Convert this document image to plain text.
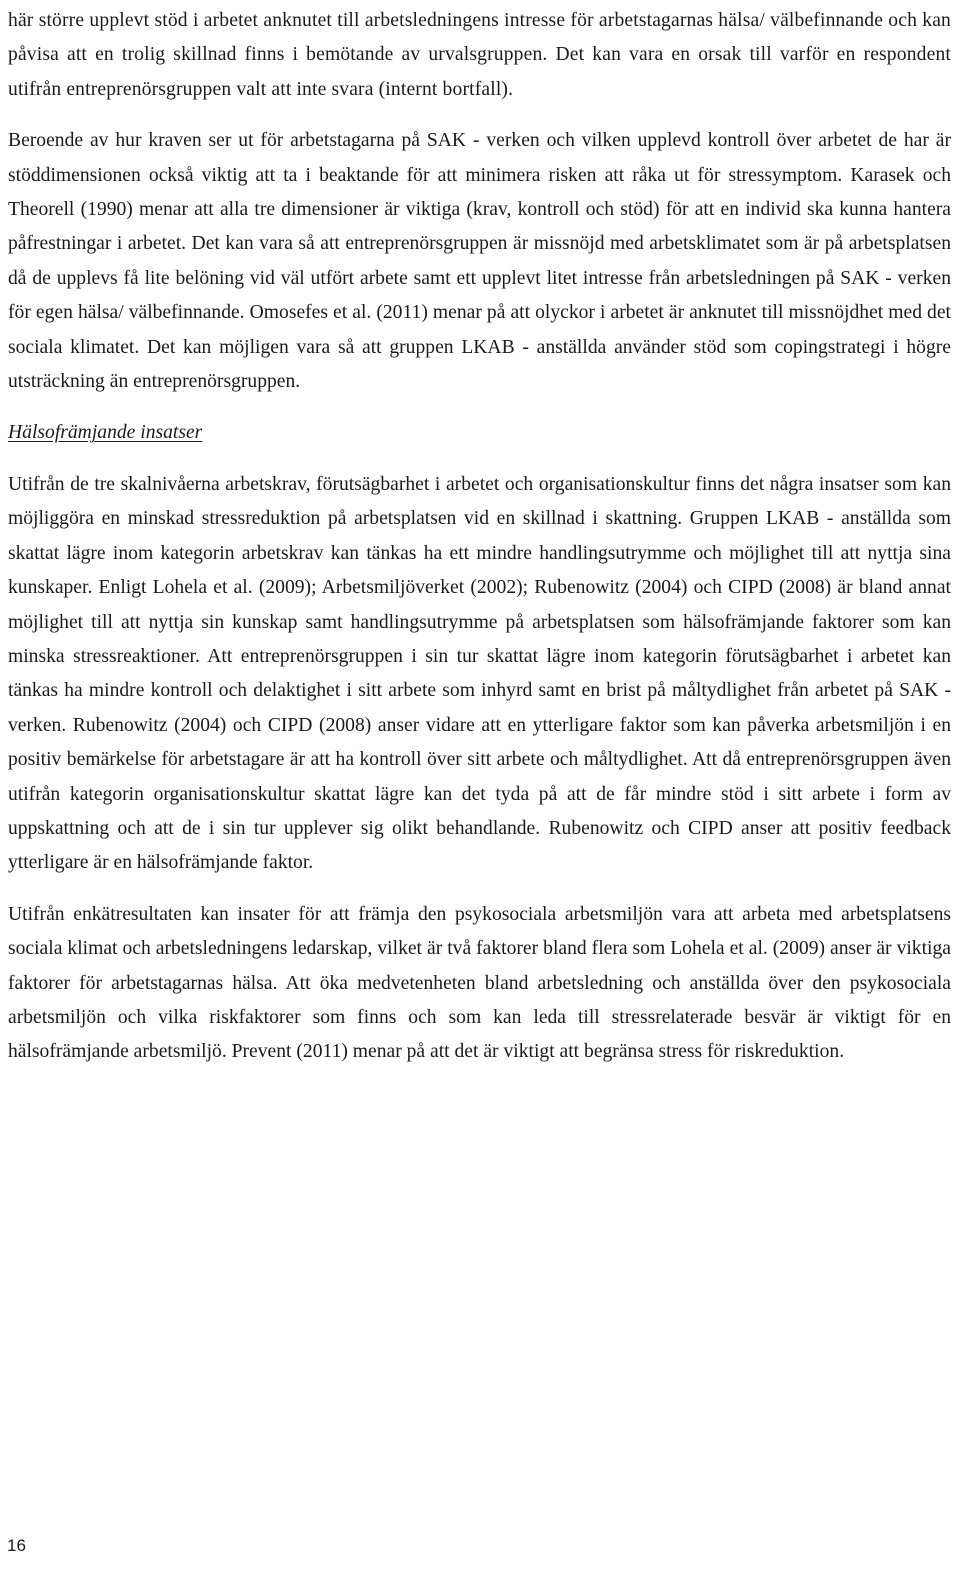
här större upplevt stöd i arbetet anknutet till arbetsledningens intresse för arbetstagarnas hälsa/ välbefinnande och kan påvisa att en trolig skillnad finns i bemötande av urvalsgruppen. Det kan vara en orsak till varför en respondent utifrån entreprenörsgruppen valt att inte svara (internt bortfall).

Beroende av hur kraven ser ut för arbetstagarna på SAK - verken och vilken upplevd kontroll över arbetet de har är stöddimensionen också viktig att ta i beaktande för att minimera risken att råka ut för stressymptom. Karasek och Theorell (1990) menar att alla tre dimensioner är viktiga (krav, kontroll och stöd) för att en individ ska kunna hantera påfrestningar i arbetet. Det kan vara så att entreprenörsgruppen är missnöjd med arbetsklimatet som är på arbetsplatsen då de upplevs få lite belöning vid väl utfört arbete samt ett upplevt litet intresse från arbetsledningen på SAK - verken för egen hälsa/ välbefinnande. Omosefes et al. (2011) menar på att olyckor i arbetet är anknutet till missnöjdhet med det sociala klimatet. Det kan möjligen vara så att gruppen LKAB - anställda använder stöd som copingstrategi i högre utsträckning än entreprenörsgruppen.

Hälsofrämjande insatser

Utifrån de tre skalnivåerna arbetskrav, förutsägbarhet i arbetet och organisationskultur finns det några insatser som kan möjliggöra en minskad stressreduktion på arbetsplatsen vid en skillnad i skattning. Gruppen LKAB - anställda som skattat lägre inom kategorin arbetskrav kan tänkas ha ett mindre handlingsutrymme och möjlighet till att nyttja sina kunskaper. Enligt Lohela et al. (2009); Arbetsmiljöverket (2002); Rubenowitz (2004) och CIPD (2008) är bland annat möjlighet till att nyttja sin kunskap samt handlingsutrymme på arbetsplatsen som hälsofrämjande faktorer som kan minska stressreaktioner. Att entreprenörsgruppen i sin tur skattat lägre inom kategorin förutsägbarhet i arbetet kan tänkas ha mindre kontroll och delaktighet i sitt arbete som inhyrd samt en brist på måltydlighet från arbetet på SAK - verken. Rubenowitz (2004) och CIPD (2008) anser vidare att en ytterligare faktor som kan påverka arbetsmiljön i en positiv bemärkelse för arbetstagare är att ha kontroll över sitt arbete och måltydlighet. Att då entreprenörsgruppen även utifrån kategorin organisationskultur skattat lägre kan det tyda på att de får mindre stöd i sitt arbete i form av uppskattning och att de i sin tur upplever sig olikt behandlande. Rubenowitz och CIPD anser att positiv feedback ytterligare är en hälsofrämjande faktor.

Utifrån enkätresultaten kan insater för att främja den psykosociala arbetsmiljön vara att arbeta med arbetsplatsens sociala klimat och arbetsledningens ledarskap, vilket är två faktorer bland flera som Lohela et al. (2009) anser är viktiga faktorer för arbetstagarnas hälsa. Att öka medvetenheten bland arbetsledning och anställda över den psykosociala arbetsmiljön och vilka riskfaktorer som finns och som kan leda till stressrelaterade besvär är viktigt för en hälsofrämjande arbetsmiljö. Prevent (2011) menar på att det är viktigt att begränsa stress för riskreduktion.

16
